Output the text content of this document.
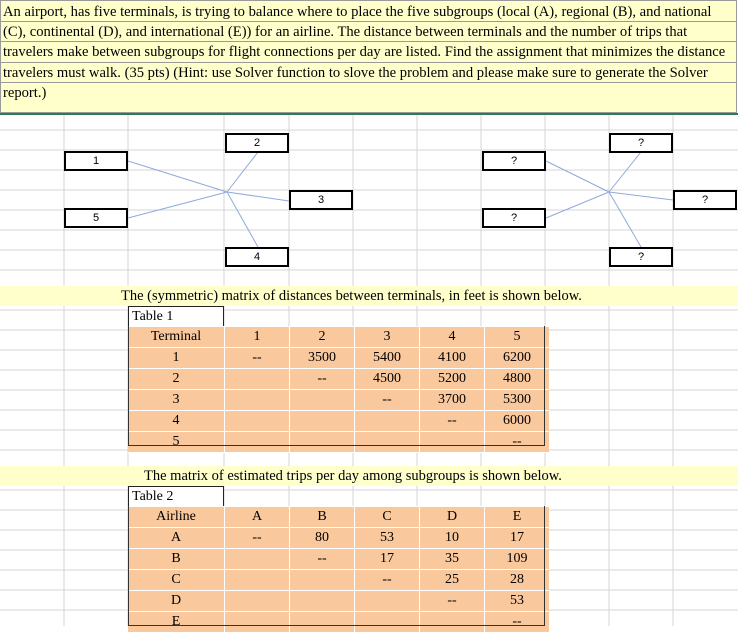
An airport, has five terminals, is trying to balance where to place the five subgroups (local (A), regional (B), and national (C), continental (D), and international (E)) for an airline. The distance between terminals and the number of trips that travelers make between subgroups for flight connections per day are listed. Find the assignment that minimizes the distance travelers must walk. (35 pts) (Hint: use Solver function to slove the problem and please make sure to generate the Solver report.)

1
2
3
4
5
?
?
?
?
?
The (symmetric) matrix of distances between terminals, in feet is shown below.
Table 1
Terminal	1	2	3	4	5
1	--	3500	5400	4100	6200
2		--	4500	5200	4800
3			--	3700	5300
4				--	6000
5					--
The matrix of estimated trips per day among subgroups is shown below.
Table 2
Airline	A	B	C	D	E
A	--	80	53	10	17
B		--	17	35	109
C			--	25	28
D				--	53
E					--
